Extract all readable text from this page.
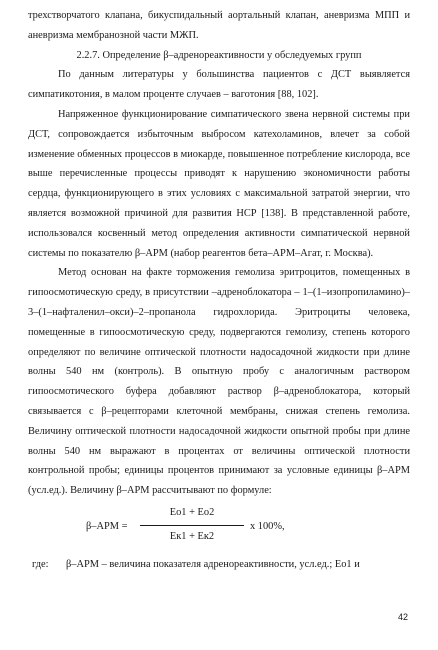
трехстворчатого клапана, бикуспидальный аортальный клапан, аневризма МПП и аневризма мембранозной части МЖП.

2.2.7. Определение β–адренореактивности у обследуемых групп

По данным литературы у большинства пациентов с ДСТ выявляется симпатикотония, в малом проценте случаев – ваготония [88, 102].

Напряженное функционирование симпатического звена нервной системы при ДСТ, сопровождается избыточным выбросом катехоламинов, влечет за собой изменение обменных процессов в миокарде, повышенное потребление кислорода, все выше перечисленные процессы приводят к нарушению экономичности работы сердца, функционирующего в этих условиях с максимальной затратой энергии, что является возможной причиной для развития НСР [138]. В представленной работе, использовался косвенный метод определения активности симпатической нервной системы по показателю β–АРМ (набор реагентов бета–АРМ–Агат, г. Москва).

Метод основан на факте торможения гемолиза эритроцитов, помещенных в гипоосмотическую среду, в присутствии –адреноблокатора – 1–(1–изопропиламино)–3–(1–нафталенил–окси)–2–пропанола гидрохлорида. Эритроциты человека, помещенные в гипоосмотическую среду, подвергаются гемолизу, степень которого определяют по величине оптической плотности надосадочной жидкости при длине волны 540 нм (контроль). В опытную пробу с аналогичным раствором гипоосмотического буфера добавляют раствор β–адреноблокатора, который связывается с β–рецепторами клеточной мембраны, снижая степень гемолиза. Величину оптической плотности надосадочной жидкости опытной пробы при длине волны 540 нм выражают в процентах от величины оптической плотности контрольной пробы; единицы процентов принимают за условные единицы β–АРМ (усл.ед.). Величину β–АРМ рассчитывают по формуле:

β–АРМ =
Ео1 + Ео2
Ек1 + Ек2
х 100%,

где: β–АРМ – величина показателя адренореактивности, усл.ед.; Ео1 и

42
